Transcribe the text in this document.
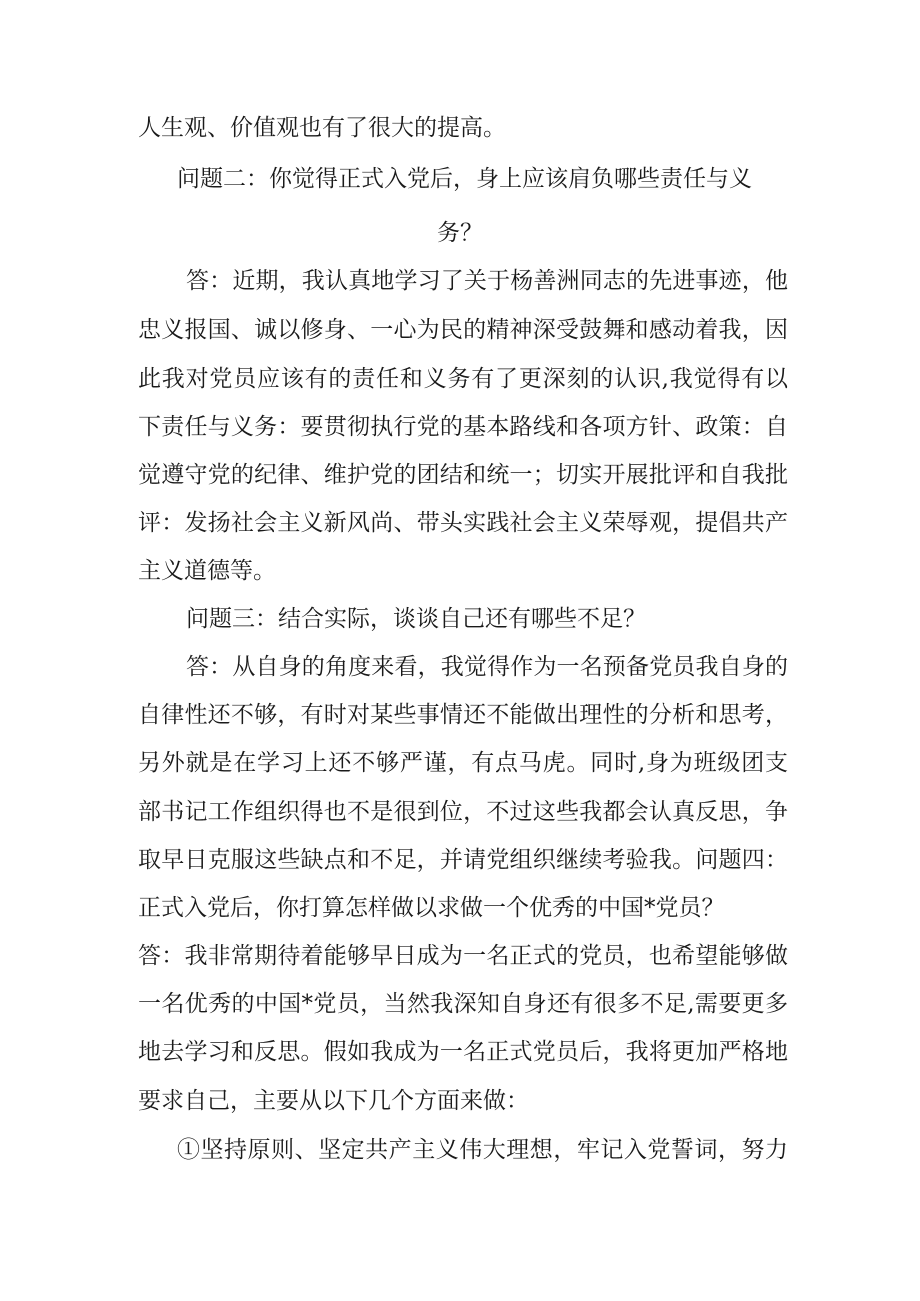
人生观、价值观也有了很大的提高。
问题二：你觉得正式入党后，身上应该肩负哪些责任与义
务？
答：近期，我认真地学习了关于杨善洲同志的先进事迹，他
忠义报国、诚以修身、一心为民的精神深受鼓舞和感动着我，因
此我对党员应该有的责任和义务有了更深刻的认识,我觉得有以
下责任与义务：要贯彻执行党的基本路线和各项方针、政策：自
觉遵守党的纪律、维护党的团结和统一；切实开展批评和自我批
评：发扬社会主义新风尚、带头实践社会主义荣辱观，提倡共产
主义道德等。
问题三：结合实际，谈谈自己还有哪些不足？
答：从自身的角度来看，我觉得作为一名预备党员我自身的
自律性还不够，有时对某些事情还不能做出理性的分析和思考，
另外就是在学习上还不够严谨，有点马虎。同时,身为班级团支
部书记工作组织得也不是很到位，不过这些我都会认真反思，争
取早日克服这些缺点和不足，并请党组织继续考验我。问题四：
正式入党后，你打算怎样做以求做一个优秀的中国*党员？
答：我非常期待着能够早日成为一名正式的党员，也希望能够做
一名优秀的中国*党员，当然我深知自身还有很多不足,需要更多
地去学习和反思。假如我成为一名正式党员后，我将更加严格地
要求自己，主要从以下几个方面来做：
①坚持原则、坚定共产主义伟大理想，牢记入党誓词，努力
